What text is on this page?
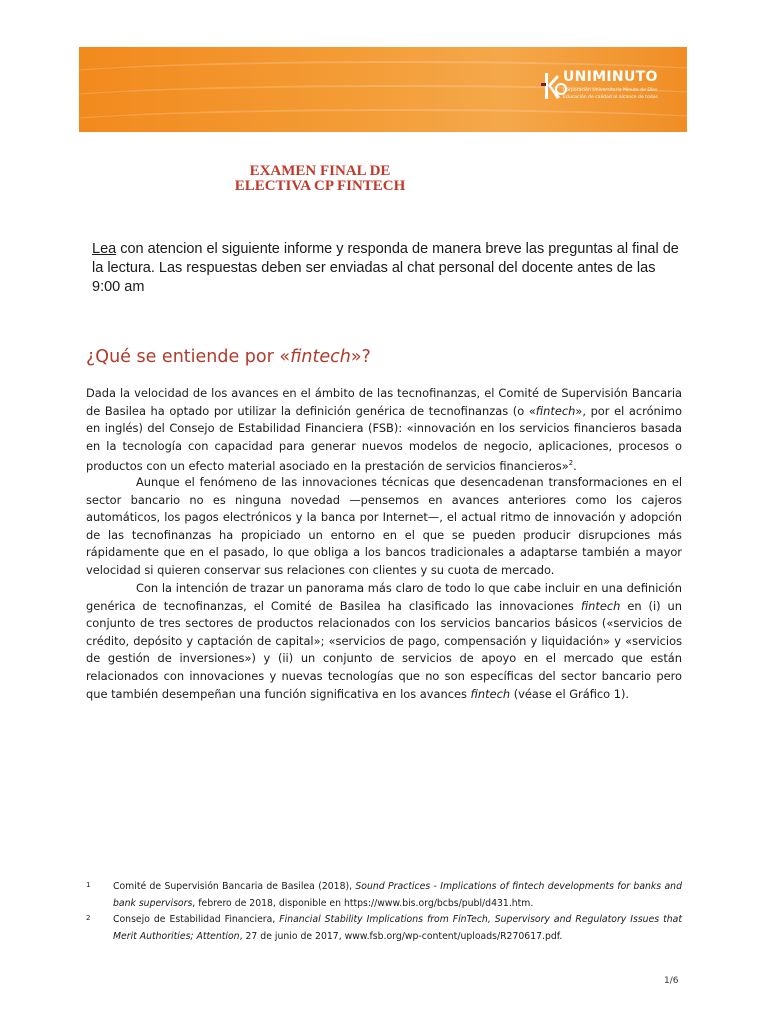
UNIMINUTO
Corporación Universitaria Minuto de Dios
Educación de calidad al alcance de todos
EXAMEN FINAL DE
ELECTIVA CP FINTECH
Lea con atencion el siguiente informe y responda de manera breve las preguntas al final de la lectura. Las respuestas deben ser enviadas al chat personal del docente antes de las 9:00 am
¿Qué se entiende por «fintech»?
Dada la velocidad de los avances en el ámbito de las tecnofinanzas, el Comité de Supervisión Bancaria de Basilea ha optado por utilizar la definición genérica de tecnofinanzas (o «fintech», por el acrónimo en inglés) del Consejo de Estabilidad Financiera (FSB): «innovación en los servicios financieros basada en la tecnología con capacidad para generar nuevos modelos de negocio, aplicaciones, procesos o productos con un efecto material asociado en la prestación de servicios financieros»$^2$.
Aunque el fenómeno de las innovaciones técnicas que desencadenan transformaciones en el sector bancario no es ninguna novedad —pensemos en avances anteriores como los cajeros automáticos, los pagos electrónicos y la banca por Internet—, el actual ritmo de innovación y adopción de las tecnofinanzas ha propiciado un entorno en el que se pueden producir disrupciones más rápidamente que en el pasado, lo que obliga a los bancos tradicionales a adaptarse también a mayor velocidad si quieren conservar sus relaciones con clientes y su cuota de mercado.
Con la intención de trazar un panorama más claro de todo lo que cabe incluir en una definición genérica de tecnofinanzas, el Comité de Basilea ha clasificado las innovaciones fintech en (i) un conjunto de tres sectores de productos relacionados con los servicios bancarios básicos («servicios de crédito, depósito y captación de capital»; «servicios de pago, compensación y liquidación» y «servicios de gestión de inversiones») y (ii) un conjunto de servicios de apoyo en el mercado que están relacionados con innovaciones y nuevas tecnologías que no son específicas del sector bancario pero que también desempeñan una función significativa en los avances fintech (véase el Gráfico 1).
1 Comité de Supervisión Bancaria de Basilea (2018), Sound Practices - Implications of fintech developments for banks and bank supervisors, febrero de 2018, disponible en https://www.bis.org/bcbs/publ/d431.htm.
2 Consejo de Estabilidad Financiera, Financial Stability Implications from FinTech, Supervisory and Regulatory Issues that Merit Authorities; Attention, 27 de junio de 2017, www.fsb.org/wp-content/uploads/R270617.pdf.
1/6
